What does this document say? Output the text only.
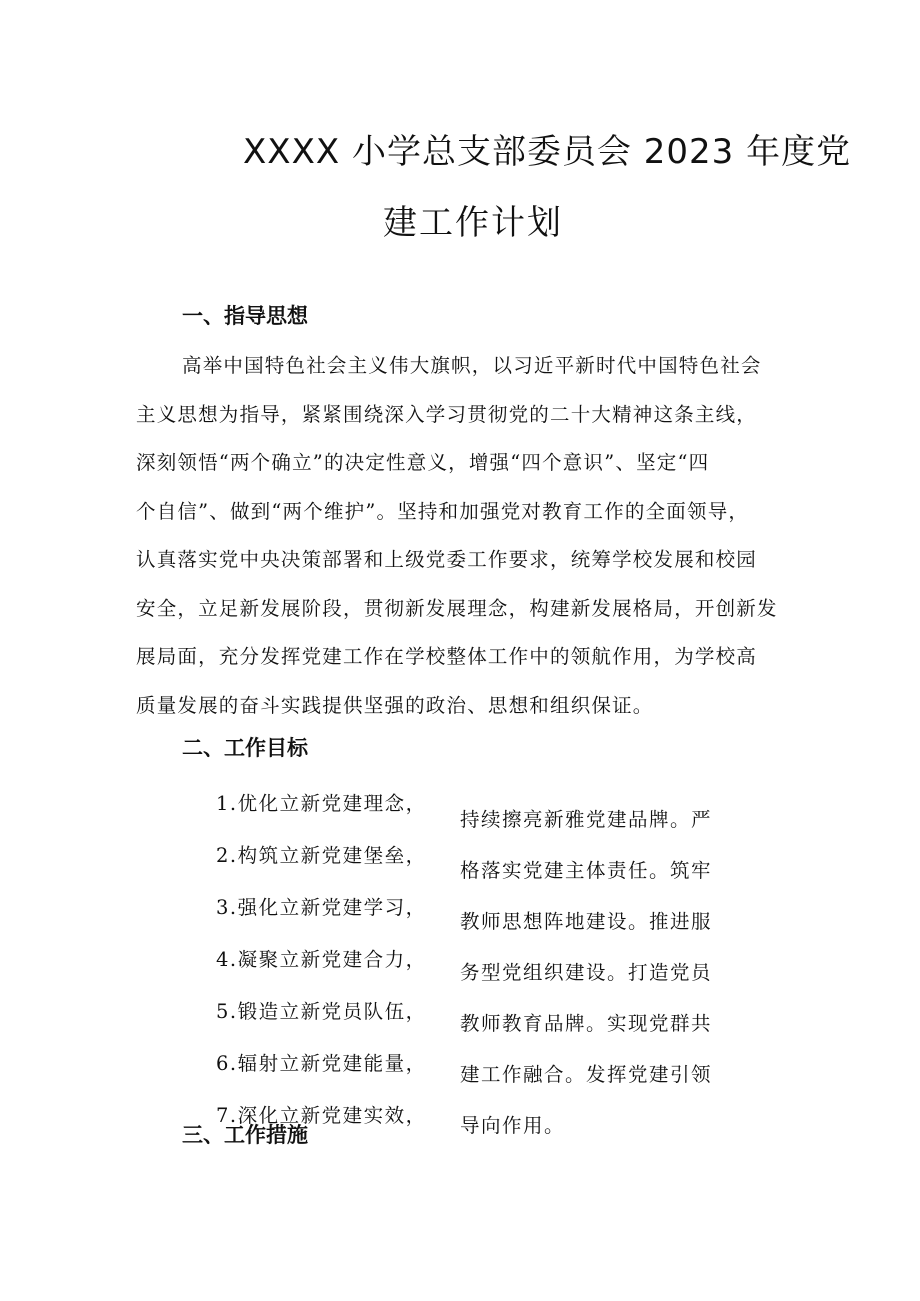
XXXX 小学总支部委员会 2023 年度党
建工作计划
一、指导思想

高举中国特色社会主义伟大旗帜，以习近平新时代中国特色社会
主义思想为指导，紧紧围绕深入学习贯彻党的二十大精神这条主线，
深刻领悟“两个确立”的决定性意义，增强“四个意识”、坚定“四
个自信”、做到“两个维护”。坚持和加强党对教育工作的全面领导，
认真落实党中央决策部署和上级党委工作要求，统筹学校发展和校园
安全，立足新发展阶段，贯彻新发展理念，构建新发展格局，开创新发
展局面，充分发挥党建工作在学校整体工作中的领航作用，为学校高
质量发展的奋斗实践提供坚强的政治、思想和组织保证。

二、工作目标
1.优化立新党建理念，
2.构筑立新党建堡垒，
3.强化立新党建学习，
4.凝聚立新党建合力，
5.锻造立新党员队伍，
6.辐射立新党建能量，
7.深化立新党建实效，

持续擦亮新雅党建品牌。严
格落实党建主体责任。筑牢
教师思想阵地建设。推进服
务型党组织建设。打造党员
教师教育品牌。实现党群共
建工作融合。发挥党建引领
导向作用。

三、工作措施
